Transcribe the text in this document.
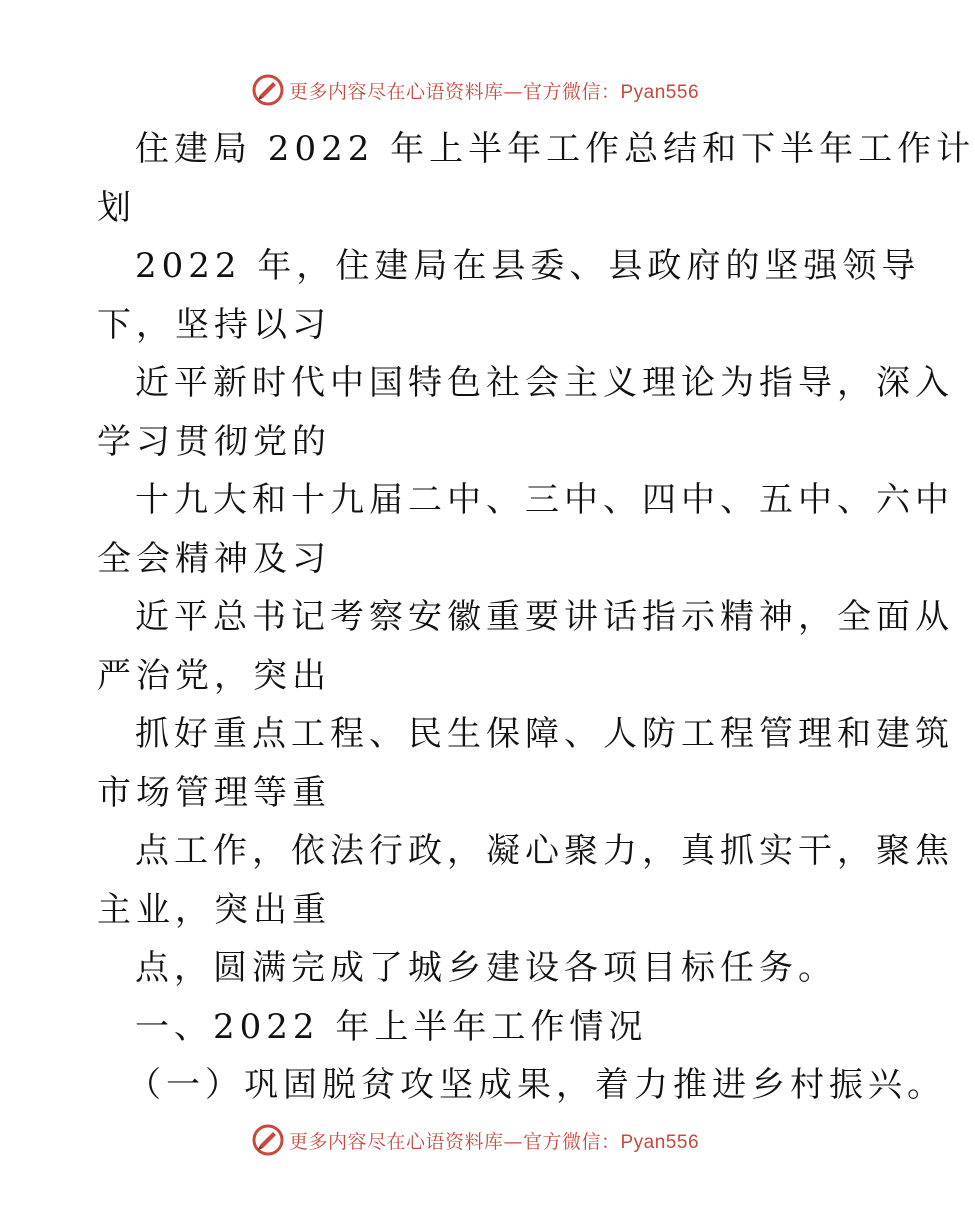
更多内容尽在心语资料库—官方微信：Pyan556
住建局 2022 年上半年工作总结和下半年工作计
划
2022 年，住建局在县委、县政府的坚强领导
下，坚持以习
近平新时代中国特色社会主义理论为指导，深入
学习贯彻党的
十九大和十九届二中、三中、四中、五中、六中
全会精神及习
近平总书记考察安徽重要讲话指示精神，全面从
严治党，突出
抓好重点工程、民生保障、人防工程管理和建筑
市场管理等重
点工作，依法行政，凝心聚力，真抓实干，聚焦
主业，突出重
点，圆满完成了城乡建设各项目标任务。
一、2022 年上半年工作情况
（一）巩固脱贫攻坚成果，着力推进乡村振兴。
更多内容尽在心语资料库—官方微信：Pyan556
